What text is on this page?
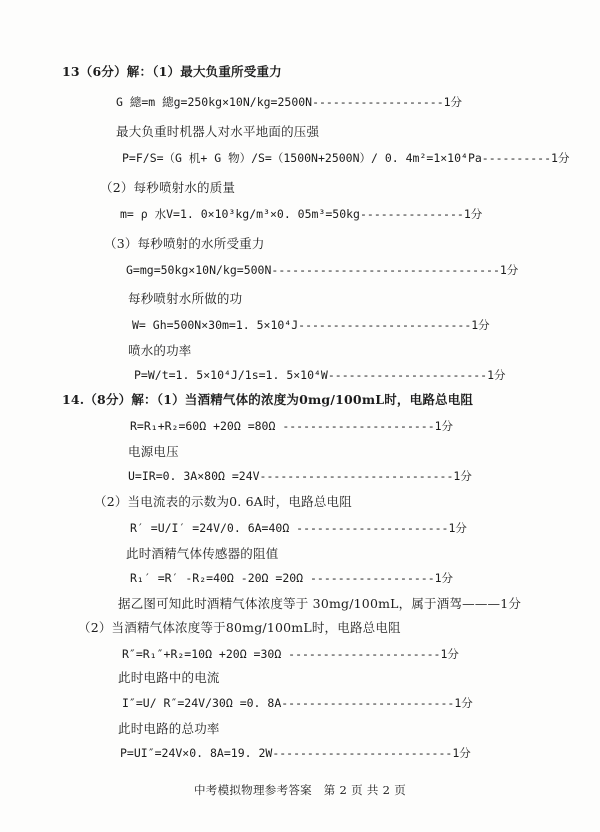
13（6分）解：（1）最大负重所受重力
G 總=m 總g=250kg×10N/kg=2500N-------------------1分
最大负重时机器人对水平地面的压强
P=F/S=（G 机+ G 物）/S=（1500N+2500N）/ 0. 4m²=1×10⁴Pa----------1分
（2）每秒喷射水的质量
m= ρ 水V=1. 0×10³kg/m³×0. 05m³=50kg---------------1分
（3）每秒喷射的水所受重力
G=mg=50kg×10N/kg=500N---------------------------------1分
每秒喷射水所做的功
W= Gh=500N×30m=1. 5×10⁴J-------------------------1分
喷水的功率
P=W/t=1. 5×10⁴J/1s=1. 5×10⁴W-----------------------1分
14.（8分）解：（1）当酒精气体的浓度为0mg/100mL时，电路总电阻
R=R₁+R₂=60Ω +20Ω =80Ω ----------------------1分
电源电压
U=IR=0. 3A×80Ω =24V----------------------------1分
（2）当电流表的示数为0. 6A时，电路总电阻
R′ =U/I′ =24V/0. 6A=40Ω ----------------------1分
此时酒精气体传感器的阻值
R₁′ =R′ -R₂=40Ω -20Ω =20Ω ------------------1分
据乙图可知此时酒精气体浓度等于 30mg/100mL，属于酒驾———1分
（2）当酒精气体浓度等于80mg/100mL时，电路总电阻
R″=R₁″+R₂=10Ω +20Ω =30Ω ----------------------1分
此时电路中的电流
I″=U/ R″=24V/30Ω =0. 8A-------------------------1分
此时电路的总功率
P=UI″=24V×0. 8A=19. 2W--------------------------1分
中考模拟物理参考答案　第 2 页 共 2 页
